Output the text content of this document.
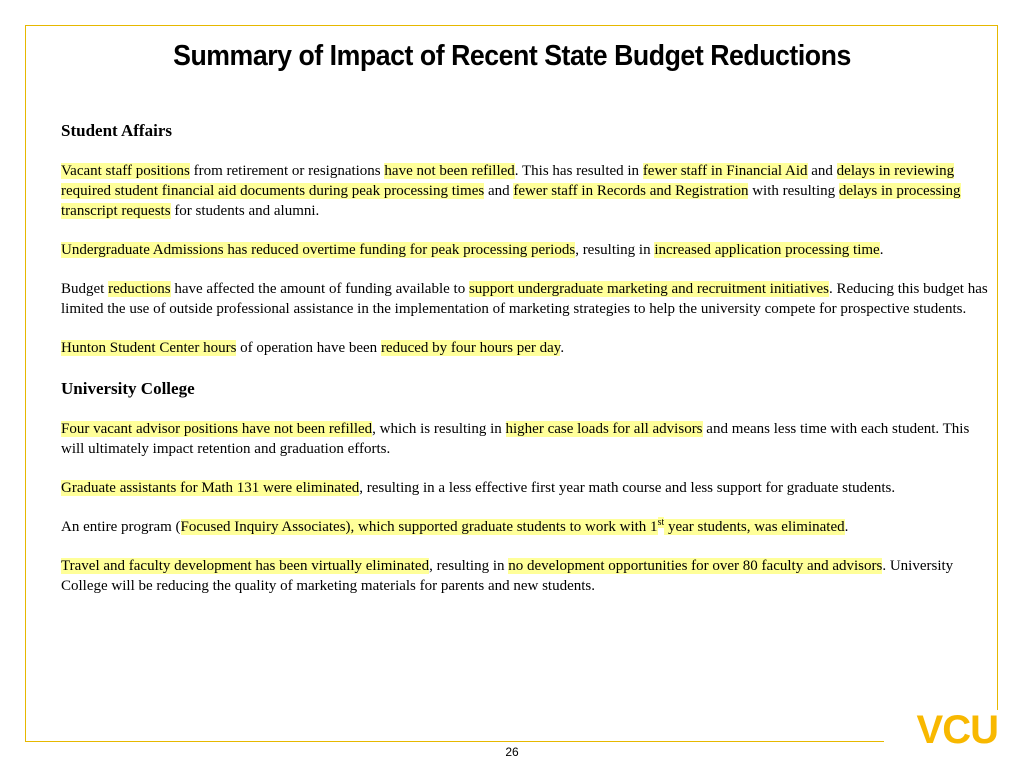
Summary of Impact of Recent State Budget Reductions
Student Affairs
Vacant staff positions from retirement or resignations have not been refilled. This has resulted in fewer staff in Financial Aid and delays in reviewing required student financial aid documents during peak processing times and fewer staff in Records and Registration with resulting delays in processing transcript requests for students and alumni.
Undergraduate Admissions has reduced overtime funding for peak processing periods, resulting in increased application processing time.
Budget reductions have affected the amount of funding available to support undergraduate marketing and recruitment initiatives. Reducing this budget has limited the use of outside professional assistance in the implementation of marketing strategies to help the university compete for prospective students.
Hunton Student Center hours of operation have been reduced by four hours per day.
University College
Four vacant advisor positions have not been refilled, which is resulting in higher case loads for all advisors and means less time with each student. This will ultimately impact retention and graduation efforts.
Graduate assistants for Math 131 were eliminated, resulting in a less effective first year math course and less support for graduate students.
An entire program (Focused Inquiry Associates), which supported graduate students to work with 1st year students, was eliminated.
Travel and faculty development has been virtually eliminated, resulting in no development opportunities for over 80 faculty and advisors. University College will be reducing the quality of marketing materials for parents and new students.
VCU
26
